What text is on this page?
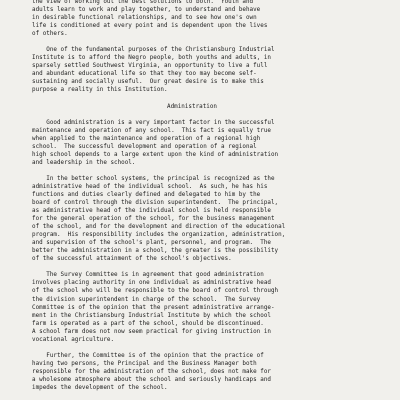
the view of working out the best solutions to both.  Youth and
adults learn to work and play together, to understand and behave
in desirable functional relationships, and to see how one's own
life is conditioned at every point and is dependent upon the lives
of others.
One of the fundamental purposes of the Christiansburg Industrial
Institute is to afford the Negro people, both youths and adults, in
sparsely settled Southwest Virginia, an opportunity to live a full
and abundant educational life so that they too may become self-
sustaining and socially useful.  Our great desire is to make this
purpose a reality in this Institution.
Administration
Good administration is a very important factor in the successful
maintenance and operation of any school.  This fact is equally true
when applied to the maintenance and operation of a regional high
school.  The successful development and operation of a regional
high school depends to a large extent upon the kind of administration
and leadership in the school.
In the better school systems, the principal is recognized as the
administrative head of the individual school.  As such, he has his
functions and duties clearly defined and delegated to him by the
board of control through the division superintendent.  The principal,
as administrative head of the individual school is held responsible
for the general operation of the school, for the business management
of the school, and for the development and direction of the educational
program.  His responsibility includes the organization, administration,
and supervision of the school's plant, personnel, and program.  The
better the administration in a school, the greater is the possibility
of the successful attainment of the school's objectives.
The Survey Committee is in agreement that good administration
involves placing authority in one individual as administrative head
of the school who will be responsible to the board of control through
the division superintendent in charge of the school.  The Survey
Committee is of the opinion that the present administrative arrange-
ment in the Christiansburg Industrial Institute by which the school
farm is operated as a part of the school, should be discontinued.
A school farm does not now seem practical for giving instruction in
vocational agriculture.
Further, the Committee is of the opinion that the practice of
having two persons, the Principal and the Business Manager both
responsible for the administration of the school, does not make for
a wholesome atmosphere about the school and seriously handicaps and
impedes the development of the school.
